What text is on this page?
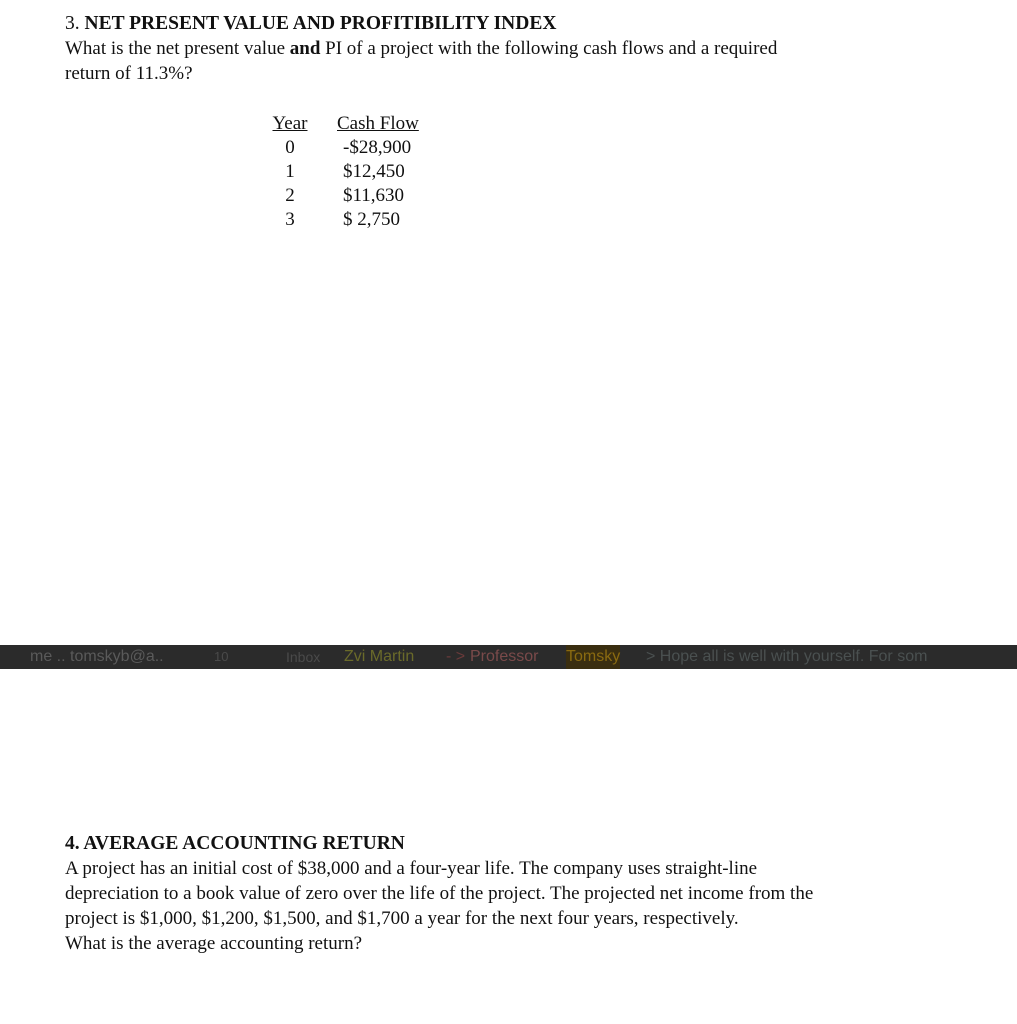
3. NET PRESENT VALUE AND PROFITIBILITY INDEX

What is the net present value and PI of a project with the following cash flows and a required
return of 11.3%?

Year		Cash Flow
0		-$28,900
1		$12,450
2		$11,630
3		$ 2,750
me .. tomskyb@a..	10	Inbox Zvi Martin - > Professor Tomsky > Hope all is well with yourself. For som

4. AVERAGE ACCOUNTING RETURN

A project has an initial cost of $38,000 and a four-year life. The company uses straight-line
depreciation to a book value of zero over the life of the project. The projected net income from the
project is $1,000, $1,200, $1,500, and $1,700 a year for the next four years, respectively.
What is the average accounting return?
